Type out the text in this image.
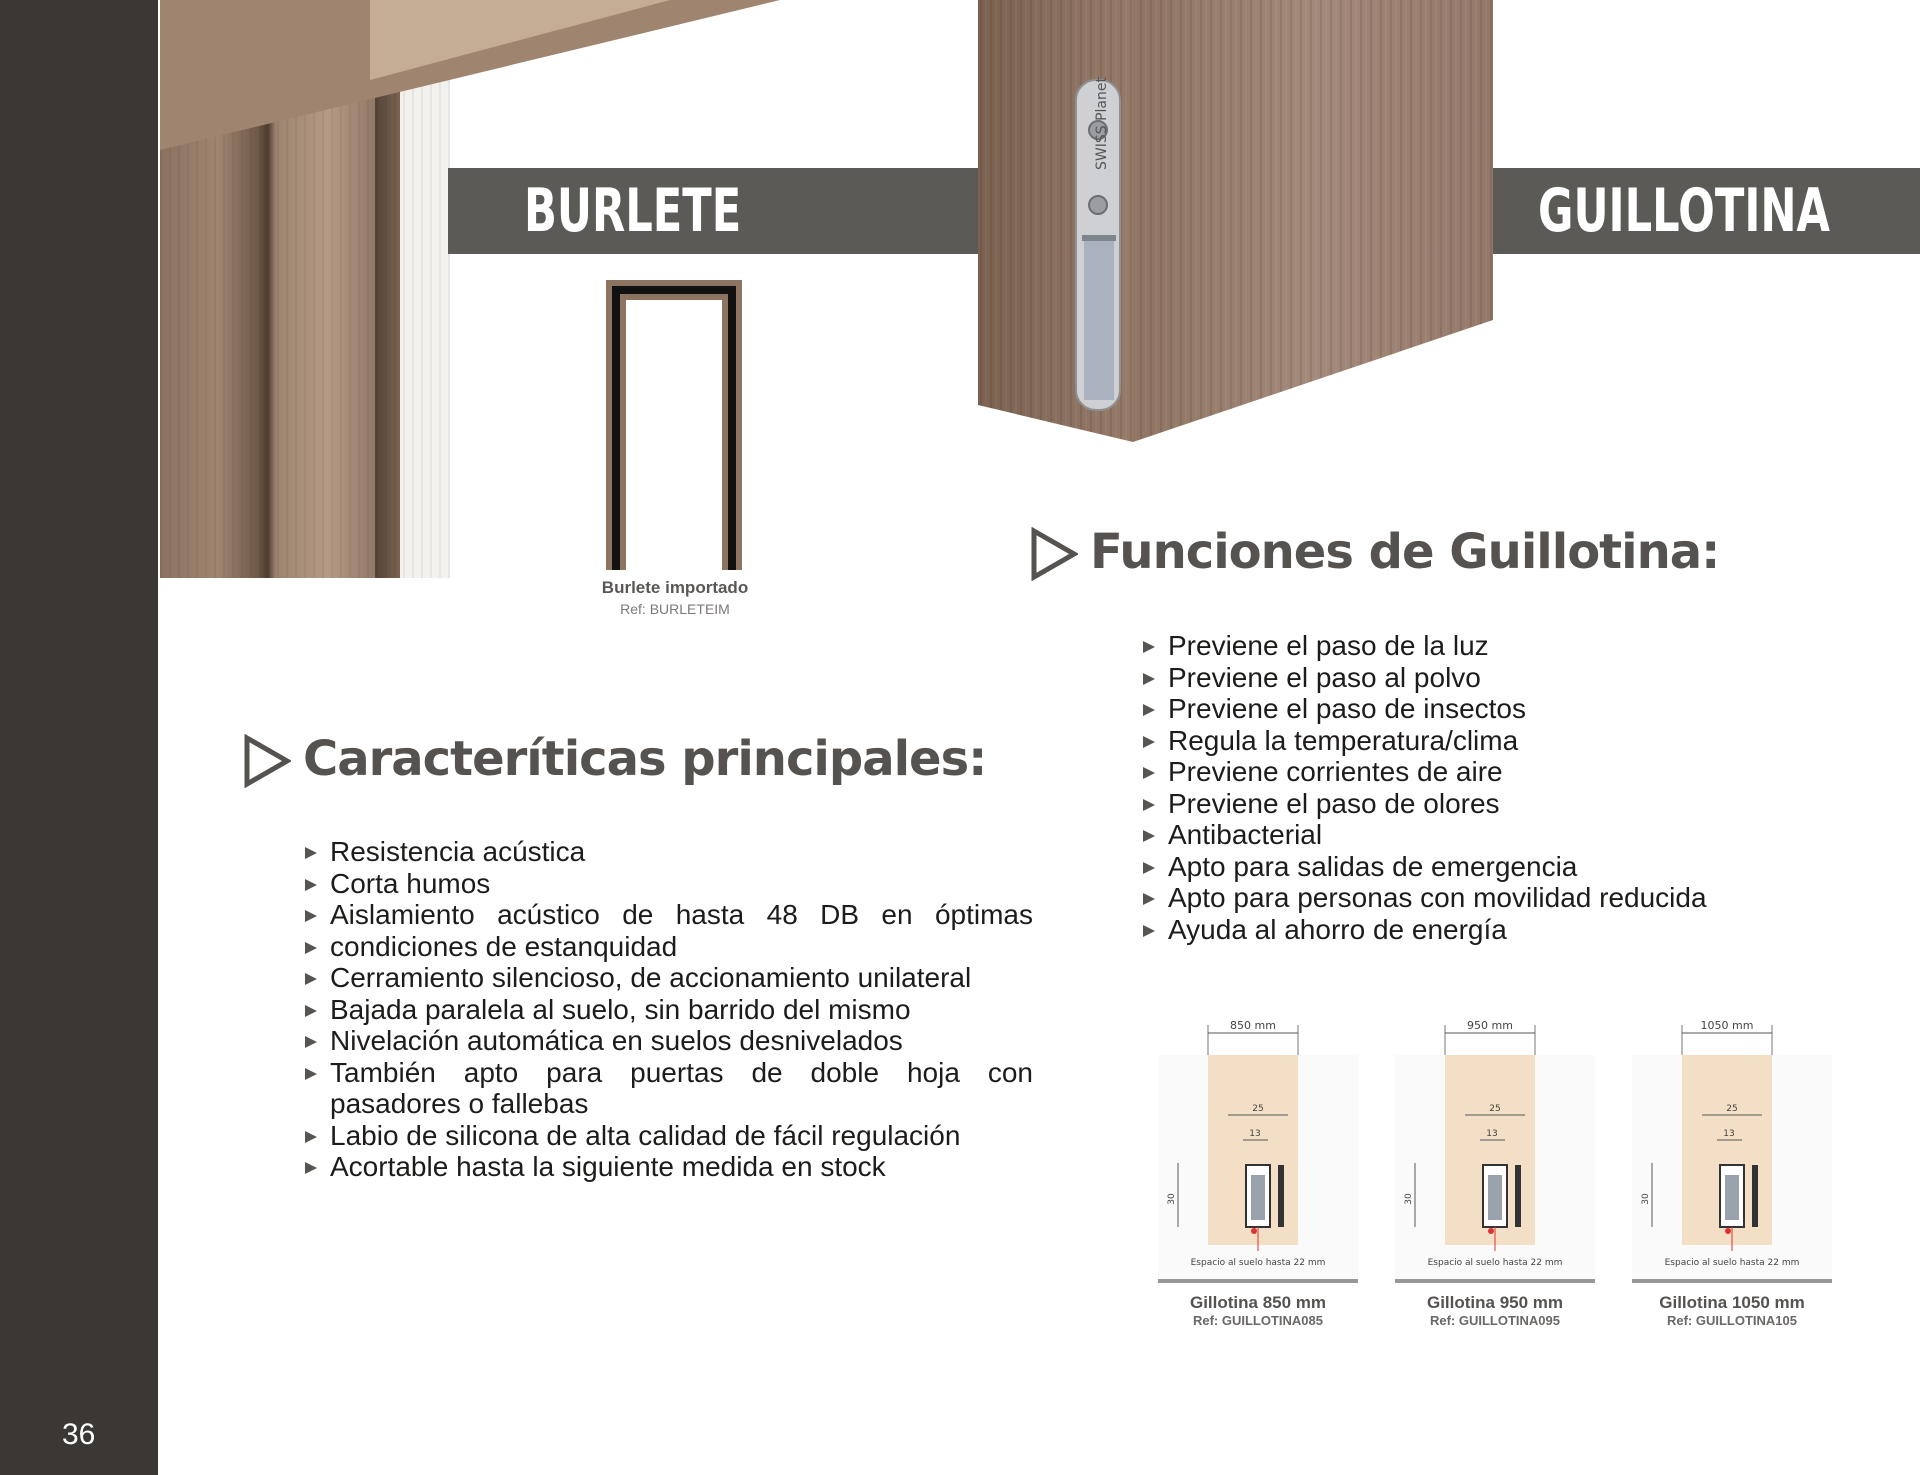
36
BURLETE	GUILLOTINA
SWISS Planet
Burlete importado
Ref: BURLETEIM
Funciones de Guillotina:
Previene el paso de la luz
Previene el paso al polvo
Previene el paso de insectos
Regula la temperatura/clima
Previene corrientes de aire
Previene el paso de olores
Antibacterial
Apto para salidas de emergencia
Apto para personas con movilidad reducida
Ayuda al ahorro de energía
Caracteríticas principales:
Resistencia acústica
Corta humos
Aislamiento acústico de hasta 48 DB en óptimas
condiciones de estanquidad
Cerramiento silencioso, de accionamiento unilateral
Bajada paralela al suelo, sin barrido del mismo
Nivelación automática en suelos desnivelados
También apto para puertas de doble hoja con
pasadores o fallebas
Labio de silicona de alta calidad de fácil regulación
Acortable hasta la siguiente medida en stock
850 mm
25
13
30
Espacio al suelo hasta 22 mm
Gillotina 850 mm
Ref: GUILLOTINA085
950 mm
25
13
30
Espacio al suelo hasta 22 mm
Gillotina 950 mm
Ref: GUILLOTINA095
1050 mm
25
13
30
Espacio al suelo hasta 22 mm
Gillotina 1050 mm
Ref: GUILLOTINA105
